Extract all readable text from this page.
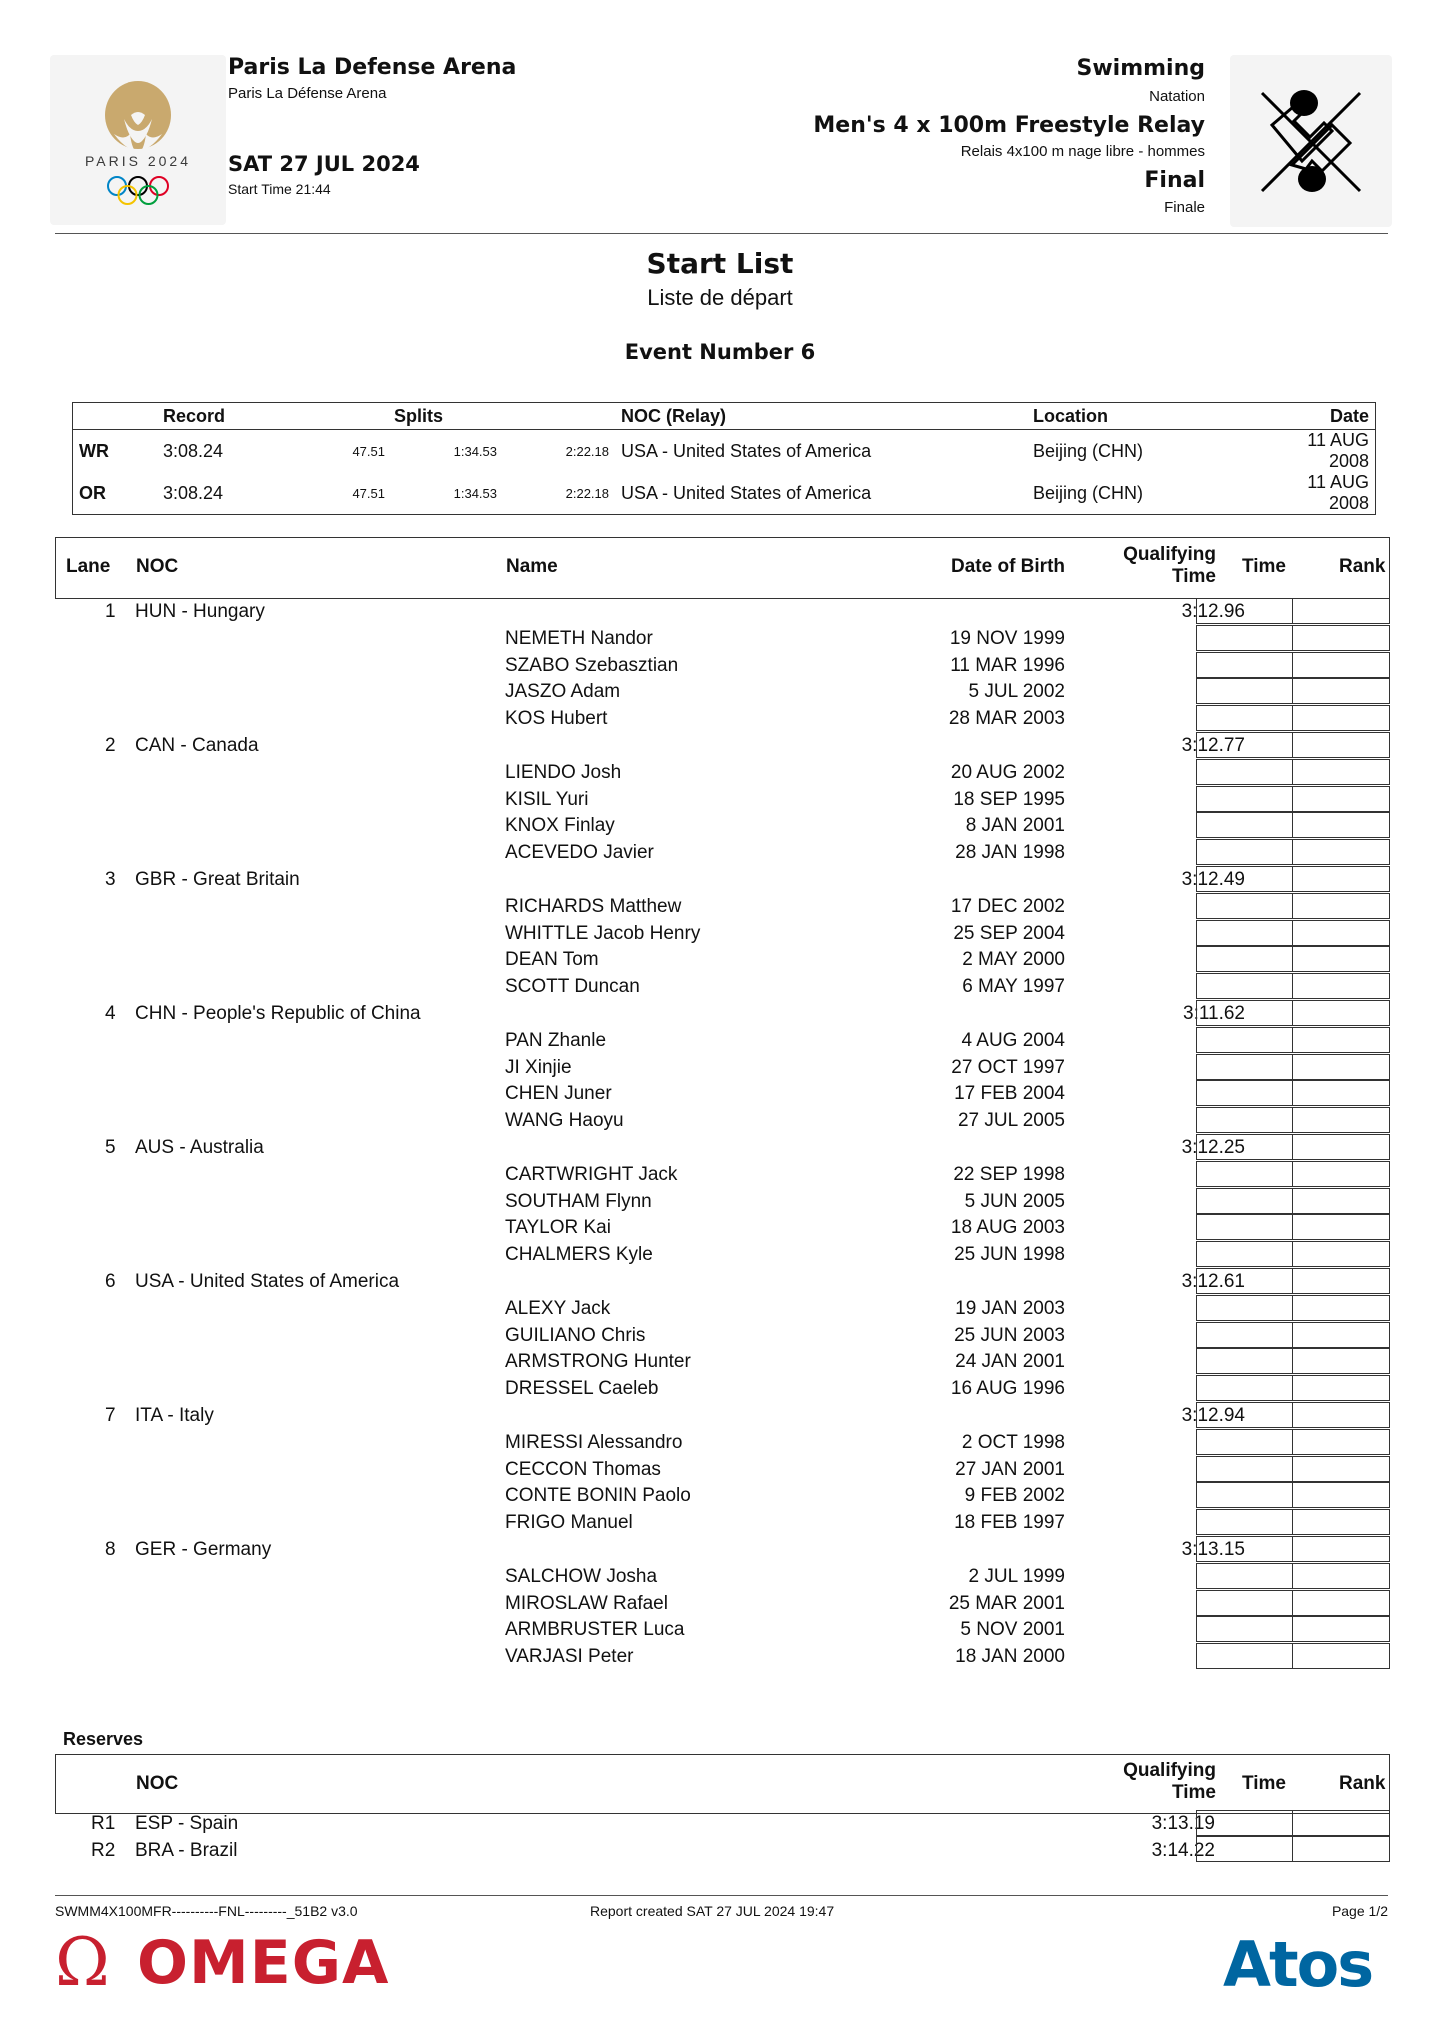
PARIS 2024
Paris La Defense Arena
Paris La Défense Arena
SAT 27 JUL 2024
Start Time 21:44
Swimming
Natation
Men's 4 x 100m Freestyle Relay
Relais 4x100 m nage libre - hommes
Final
Finale
Start List
Liste de départ
Event Number 6
	Record	Splits			NOC (Relay)	Location	Date
WR	3:08.24	47.51	1:34.53	2:22.18	USA - United States of America	Beijing (CHN)	11 AUG 2008
OR	3:08.24	47.51	1:34.53	2:22.18	USA - United States of America	Beijing (CHN)	11 AUG 2008
Lane NOC	Name	Date of Birth
Qualifying
Time Time	Rank
1 HUN - Hungary	3:12.96
NEMETH Nandor	19 NOV 1999
SZABO Szebasztian	11 MAR 1996
JASZO Adam	5 JUL 2002
KOS Hubert	28 MAR 2003
2 CAN - Canada	3:12.77
LIENDO Josh	20 AUG 2002
KISIL Yuri	18 SEP 1995
KNOX Finlay	8 JAN 2001
ACEVEDO Javier	28 JAN 1998
3 GBR - Great Britain	3:12.49
RICHARDS Matthew	17 DEC 2002
WHITTLE Jacob Henry	25 SEP 2004
DEAN Tom	2 MAY 2000
SCOTT Duncan	6 MAY 1997
4 CHN - People's Republic of China	3:11.62
PAN Zhanle	4 AUG 2004
JI Xinjie	27 OCT 1997
CHEN Juner	17 FEB 2004
WANG Haoyu	27 JUL 2005
5 AUS - Australia	3:12.25
CARTWRIGHT Jack	22 SEP 1998
SOUTHAM Flynn	5 JUN 2005
TAYLOR Kai	18 AUG 2003
CHALMERS Kyle	25 JUN 1998
6 USA - United States of America	3:12.61
ALEXY Jack	19 JAN 2003
GUILIANO Chris	25 JUN 2003
ARMSTRONG Hunter	24 JAN 2001
DRESSEL Caeleb	16 AUG 1996
7 ITA - Italy	3:12.94
MIRESSI Alessandro	2 OCT 1998
CECCON Thomas	27 JAN 2001
CONTE BONIN Paolo	9 FEB 2002
FRIGO Manuel	18 FEB 1997
8 GER - Germany	3:13.15
SALCHOW Josha	2 JUL 1999
MIROSLAW Rafael	25 MAR 2001
ARMBRUSTER Luca	5 NOV 2001
VARJASI Peter	18 JAN 2000
Reserves
NOC
Qualifying
Time Time	Rank
R1 ESP - Spain	3:13.19
R2 BRA - Brazil	3:14.22
SWMM4X100MFR----------FNL---------_51B2 v3.0	Report created SAT 27 JUL 2024 19:47	Page 1/2
Ω OMEGA	Atos
